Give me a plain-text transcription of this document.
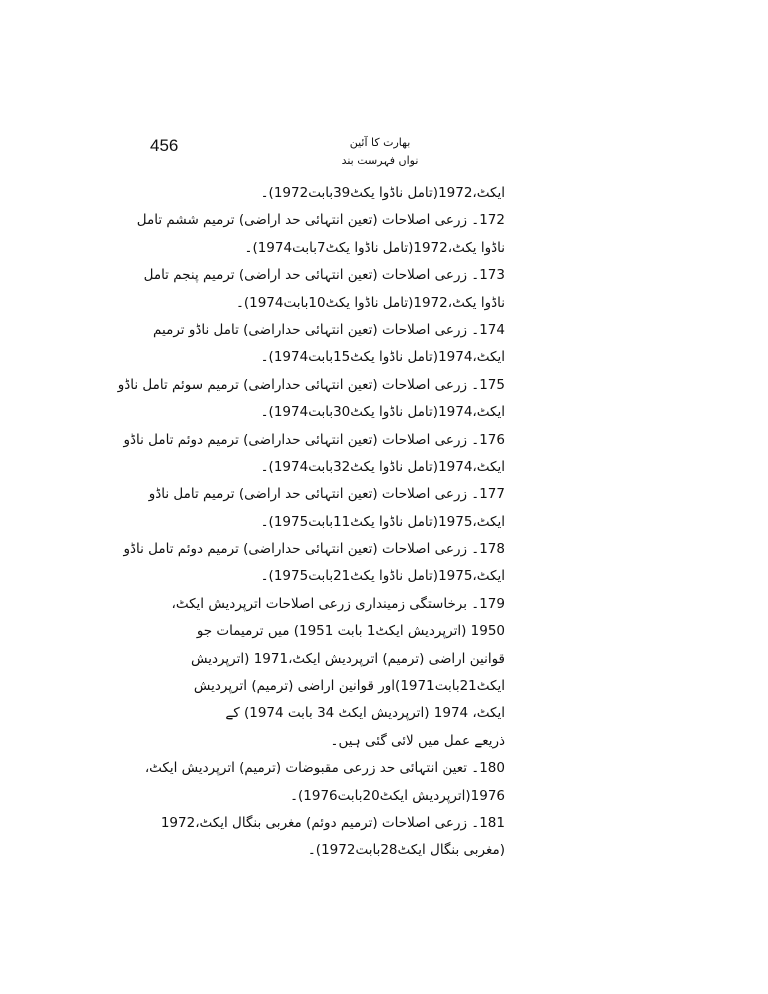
456	بھارت کا آئین
نواں فہرست بند
ایکٹ،1972(تامل ناڈوا یکٹ39بابت1972)۔
172۔ زرعی اصلاحات (تعین انتہائی حد اراضی) ترمیم ششم تامل
ناڈوا یکٹ،1972(تامل ناڈوا یکٹ7بابت1974)۔
173۔ زرعی اصلاحات (تعین انتہائی حد اراضی) ترمیم پنجم تامل
ناڈوا یکٹ،1972(تامل ناڈوا یکٹ10بابت1974)۔
174۔ زرعی اصلاحات (تعین انتہائی حداراضی) تامل ناڈو ترمیم
ایکٹ،1974(تامل ناڈوا یکٹ15بابت1974)۔
175۔ زرعی اصلاحات (تعین انتہائی حداراضی) ترمیم سوئم تامل ناڈو
ایکٹ،1974(تامل ناڈوا یکٹ30بابت1974)۔
176۔ زرعی اصلاحات (تعین انتہائی حداراضی) ترمیم دوئم تامل ناڈو
ایکٹ،1974(تامل ناڈوا یکٹ32بابت1974)۔
177۔ زرعی اصلاحات (تعین انتہائی حد اراضی) ترمیم تامل ناڈو
ایکٹ،1975(تامل ناڈوا یکٹ11بابت1975)۔
178۔ زرعی اصلاحات (تعین انتہائی حداراضی) ترمیم دوئم تامل ناڈو
ایکٹ،1975(تامل ناڈوا یکٹ21بابت1975)۔
179۔ برخاستگی زمینداری زرعی اصلاحات اترپردیش ایکٹ،
1950 (اترپردیش ایکٹ1 بابت 1951) میں ترمیمات جو
قوانین اراضی (ترمیم) اترپردیش ایکٹ،1971 (اترپردیش
ایکٹ21بابت1971)اور قوانین اراضی (ترمیم) اترپردیش
ایکٹ، 1974 (اترپردیش ایکٹ 34 بابت 1974) کے
ذریعے عمل میں لائی گئی ہیں۔
180۔ تعین انتہائی حد زرعی مقبوضات (ترمیم) اترپردیش ایکٹ،
1976(اترپردیش ایکٹ20بابت1976)۔
181۔ زرعی اصلاحات (ترمیم دوئم) مغربی بنگال ایکٹ،1972
(مغربی بنگال ایکٹ28بابت1972)۔
